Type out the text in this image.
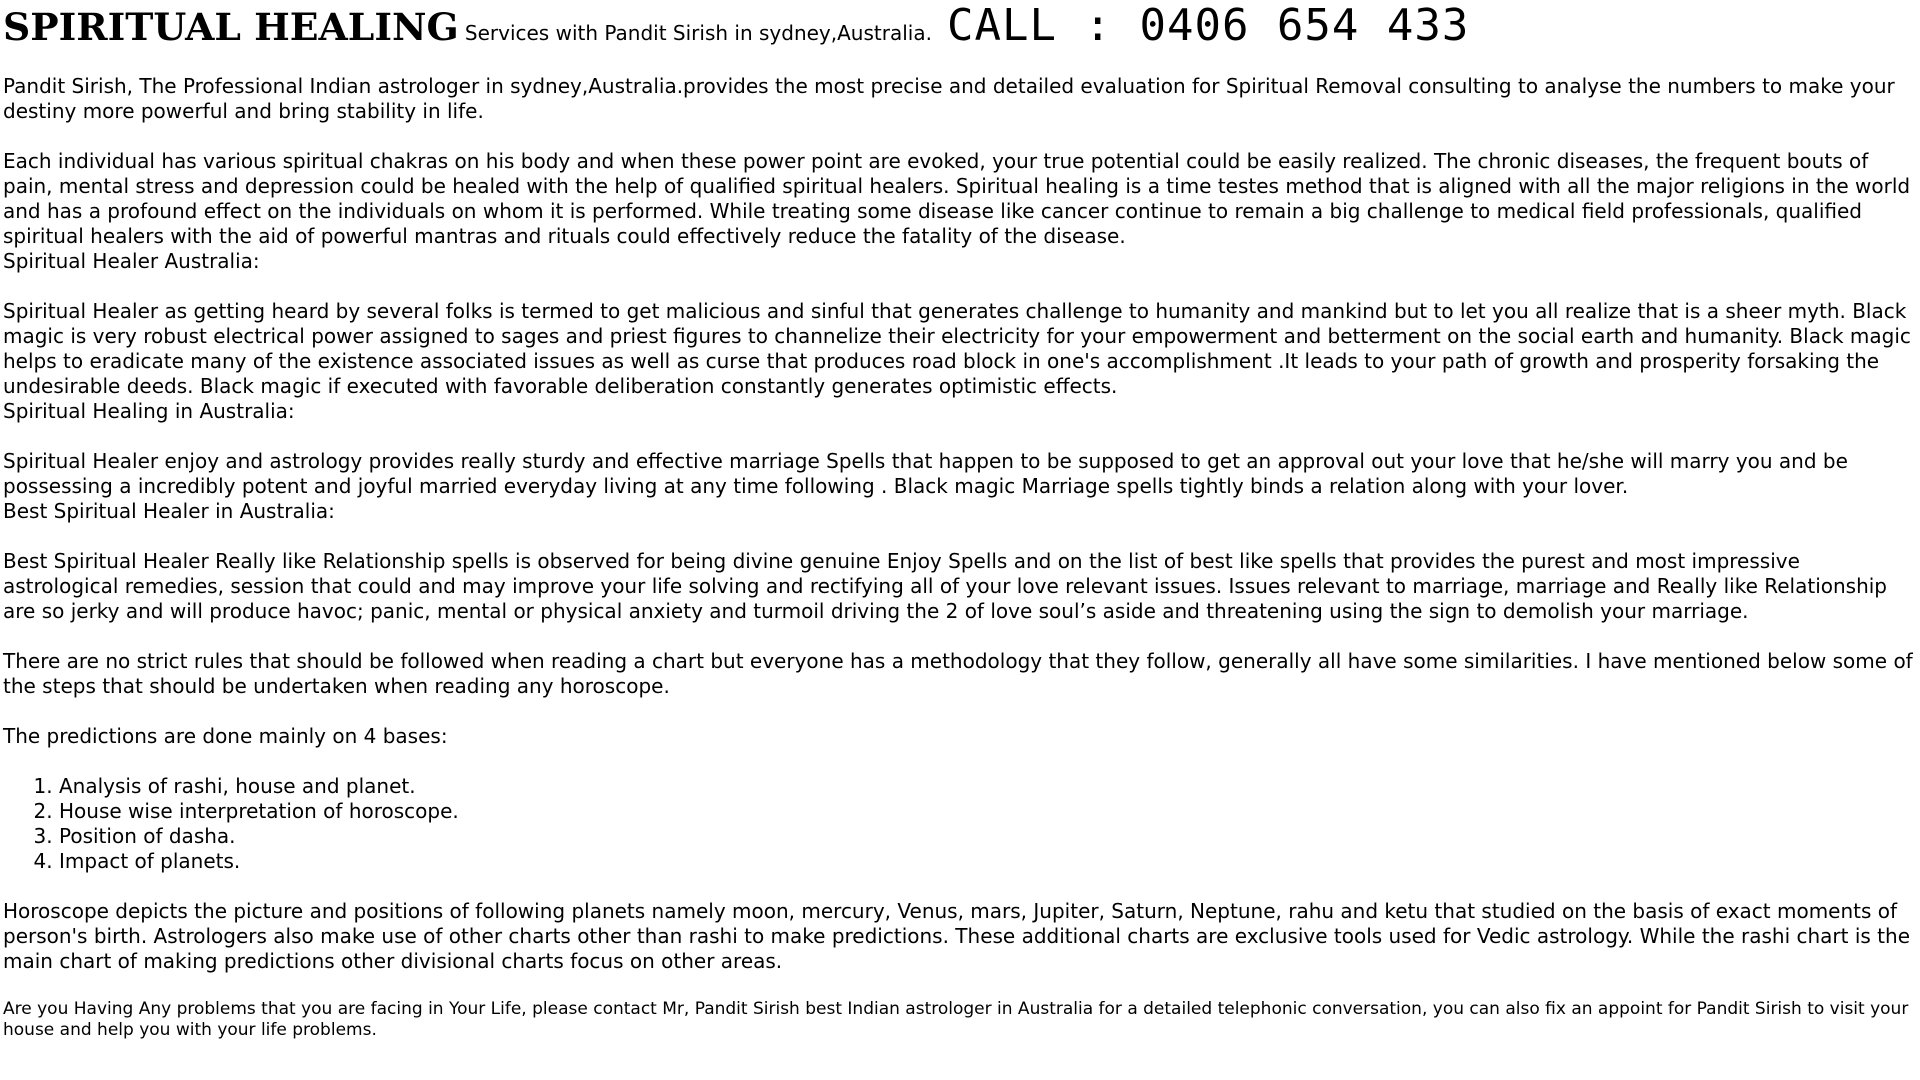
SPIRITUAL HEALING Services with Pandit Sirish in sydney,Australia. CALL : 0406 654 433

Pandit Sirish, The Professional Indian astrologer in sydney,Australia.provides the most precise and detailed evaluation for Spiritual Removal consulting to analyse the numbers to make your destiny more powerful and bring stability in life.

Each individual has various spiritual chakras on his body and when these power point are evoked, your true potential could be easily realized. The chronic diseases, the frequent bouts of pain, mental stress and depression could be healed with the help of qualified spiritual healers. Spiritual healing is a time testes method that is aligned with all the major religions in the world and has a profound effect on the individuals on whom it is performed. While treating some disease like cancer continue to remain a big challenge to medical field professionals, qualified spiritual healers with the aid of powerful mantras and rituals could effectively reduce the fatality of the disease.
Spiritual Healer Australia:
Spiritual Healer as getting heard by several folks is termed to get malicious and sinful that generates challenge to humanity and mankind but to let you all realize that is a sheer myth. Black magic is very robust electrical power assigned to sages and priest figures to channelize their electricity for your empowerment and betterment on the social earth and humanity. Black magic helps to eradicate many of the existence associated issues as well as curse that produces road block in one's accomplishment .It leads to your path of growth and prosperity forsaking the undesirable deeds. Black magic if executed with favorable deliberation constantly generates optimistic effects.
Spiritual Healing in Australia:
Spiritual Healer enjoy and astrology provides really sturdy and effective marriage Spells that happen to be supposed to get an approval out your love that he/she will marry you and be possessing a incredibly potent and joyful married everyday living at any time following . Black magic Marriage spells tightly binds a relation along with your lover.
Best Spiritual Healer in Australia:

Best Spiritual Healer Really like Relationship spells is observed for being divine genuine Enjoy Spells and on the list of best like spells that provides the purest and most impressive astrological remedies, session that could and may improve your life solving and rectifying all of your love relevant issues. Issues relevant to marriage, marriage and Really like Relationship are so jerky and will produce havoc; panic, mental or physical anxiety and turmoil driving the 2 of love soul’s aside and threatening using the sign to demolish your marriage.

There are no strict rules that should be followed when reading a chart but everyone has a methodology that they follow, generally all have some similarities. I have mentioned below some of the steps that should be undertaken when reading any horoscope.

The predictions are done mainly on 4 bases:
1. Analysis of rashi, house and planet.
2. House wise interpretation of horoscope.
3. Position of dasha.
4. Impact of planets.

Horoscope depicts the picture and positions of following planets namely moon, mercury, Venus, mars, Jupiter, Saturn, Neptune, rahu and ketu that studied on the basis of exact moments of person's birth. Astrologers also make use of other charts other than rashi to make predictions. These additional charts are exclusive tools used for Vedic astrology. While the rashi chart is the main chart of making predictions other divisional charts focus on other areas.

Are you Having Any problems that you are facing in Your Life, please contact Mr, Pandit Sirish best Indian astrologer in Australia for a detailed telephonic conversation, you can also fix an appoint for Pandit Sirish to visit your house and help you with your life problems.
